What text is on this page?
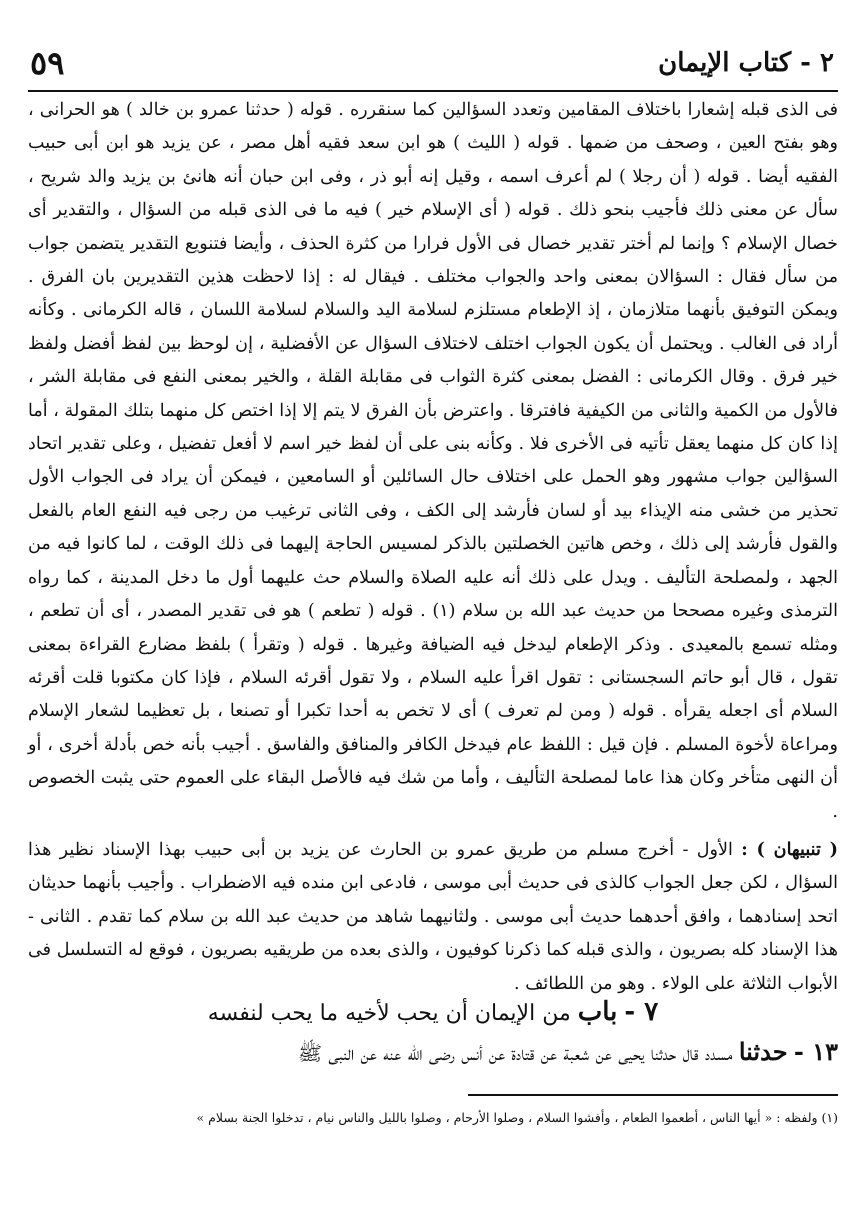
٥٩	٢ - كتاب الإيمان

فى الذى قبله إشعارا باختلاف المقامين وتعدد السؤالين كما سنقرره . قوله ( حدثنا عمرو بن خالد ) هو الحرانى ، وهو بفتح العين ، وصحف من ضمها . قوله ( الليث ) هو ابن سعد فقيه أهل مصر ، عن يزيد هو ابن أبى حبيب الفقيه أيضا . قوله ( أن رجلا ) لم أعرف اسمه ، وقيل إنه أبو ذر ، وفى ابن حبان أنه هانئ بن يزيد والد شريح ، سأل عن معنى ذلك فأجيب بنحو ذلك . قوله ( أى الإسلام خير ) فيه ما فى الذى قبله من السؤال ، والتقدير أى خصال الإسلام ؟ وإنما لم أختر تقدير خصال فى الأول فرارا من كثرة الحذف ، وأيضا فتنويع التقدير يتضمن جواب من سأل فقال : السؤالان بمعنى واحد والجواب مختلف . فيقال له : إذا لاحظت هذين التقديرين بان الفرق . ويمكن التوفيق بأنهما متلازمان ، إذ الإطعام مستلزم لسلامة اليد والسلام لسلامة اللسان ، قاله الكرمانى . وكأنه أراد فى الغالب . ويحتمل أن يكون الجواب اختلف لاختلاف السؤال عن الأفضلية ، إن لوحظ بين لفظ أفضل ولفظ خير فرق . وقال الكرمانى : الفضل بمعنى كثرة الثواب فى مقابلة القلة ، والخير بمعنى النفع فى مقابلة الشر ، فالأول من الكمية والثانى من الكيفية فافترقا . واعترض بأن الفرق لا يتم إلا إذا اختص كل منهما بتلك المقولة ، أما إذا كان كل منهما يعقل تأتيه فى الأخرى فلا . وكأنه بنى على أن لفظ خير اسم لا أفعل تفضيل ، وعلى تقدير اتحاد السؤالين جواب مشهور وهو الحمل على اختلاف حال السائلين أو السامعين ، فيمكن أن يراد فى الجواب الأول تحذير من خشى منه الإيذاء بيد أو لسان فأرشد إلى الكف ، وفى الثانى ترغيب من رجى فيه النفع العام بالفعل والقول فأرشد إلى ذلك ، وخص هاتين الخصلتين بالذكر لمسيس الحاجة إليهما فى ذلك الوقت ، لما كانوا فيه من الجهد ، ولمصلحة التأليف . ويدل على ذلك أنه عليه الصلاة والسلام حث عليهما أول ما دخل المدينة ، كما رواه الترمذى وغيره مصححا من حديث عبد الله بن سلام (١) . قوله ( تطعم ) هو فى تقدير المصدر ، أى أن تطعم ، ومثله تسمع بالمعيدى . وذكر الإطعام ليدخل فيه الضيافة وغيرها . قوله ( وتقرأ ) بلفظ مضارع القراءة بمعنى تقول ، قال أبو حاتم السجستانى : تقول اقرأ عليه السلام ، ولا تقول أقرئه السلام ، فإذا كان مكتوبا قلت أقرئه السلام أى اجعله يقرأه . قوله ( ومن لم تعرف ) أى لا تخص به أحدا تكبرا أو تصنعا ، بل تعظيما لشعار الإسلام ومراعاة لأخوة المسلم . فإن قيل : اللفظ عام فيدخل الكافر والمنافق والفاسق . أجيب بأنه خص بأدلة أخرى ، أو أن النهى متأخر وكان هذا عاما لمصلحة التأليف ، وأما من شك فيه فالأصل البقاء على العموم حتى يثبت الخصوص .

( تنبيهان ) : الأول - أخرج مسلم من طريق عمرو بن الحارث عن يزيد بن أبى حبيب بهذا الإسناد نظير هذا السؤال ، لكن جعل الجواب كالذى فى حديث أبى موسى ، فادعى ابن منده فيه الاضطراب . وأجيب بأنهما حديثان اتحد إسنادهما ، وافق أحدهما حديث أبى موسى . ولثانيهما شاهد من حديث عبد الله بن سلام كما تقدم . الثانى - هذا الإسناد كله بصريون ، والذى قبله كما ذكرنا كوفيون ، والذى بعده من طريقيه بصريون ، فوقع له التسلسل فى الأبواب الثلاثة على الولاء . وهو من اللطائف .

٧ - باب من الإيمان أن يحب لأخيه ما يحب لنفسه
١٣ - حدثنا مسدد قال حدثنا يحيى عن شعبة عن قتادة عن أنس رضى الله عنه عن النبى ﷺ
(١) ولفظه : « أيها الناس ، أطعموا الطعام ، وأفشوا السلام ، وصلوا الأرحام ، وصلوا بالليل والناس نيام ، تدخلوا الجنة بسلام »
